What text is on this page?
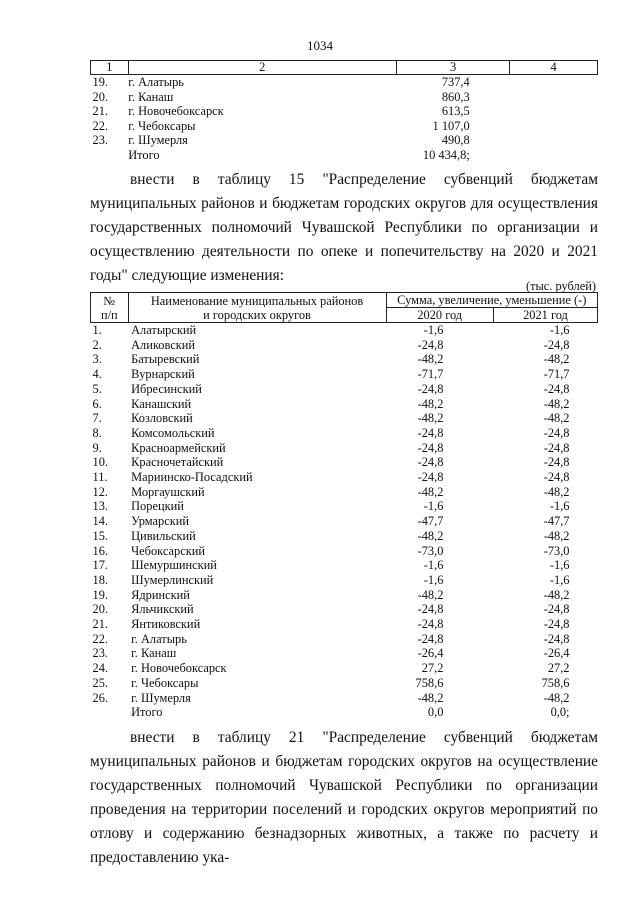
1034
1	2	3	4
19.	г. Алатырь	737,4	
20.	г. Канаш	860,3	
21.	г. Новочебоксарск	613,5	
22.	г. Чебоксары	1 107,0	
23.	г. Шумерля	490,8	
	Итого	10 434,8;	
внести в таблицу 15 "Распределение субвенций бюджетам муниципальных районов и бюджетам городских округов для осуществления государственных полномочий Чувашской Республики по организации и осуществлению деятельности по опеке и попечительству на 2020 и 2021 годы" следующие изменения:
(тыс. рублей)
№
п/п	Наименование муниципальных районов
и городских округов	Сумма, увеличение, уменьшение (-)	
		2020 год	2021 год
1.	Алатырский	-1,6	-1,6
2.	Аликовский	-24,8	-24,8
3.	Батыревский	-48,2	-48,2
4.	Вурнарский	-71,7	-71,7
5.	Ибресинский	-24,8	-24,8
6.	Канашский	-48,2	-48,2
7.	Козловский	-48,2	-48,2
8.	Комсомольский	-24,8	-24,8
9.	Красноармейский	-24,8	-24,8
10.	Красночетайский	-24,8	-24,8
11.	Мариинско-Посадский	-24,8	-24,8
12.	Моргаушский	-48,2	-48,2
13.	Порецкий	-1,6	-1,6
14.	Урмарский	-47,7	-47,7
15.	Цивильский	-48,2	-48,2
16.	Чебоксарский	-73,0	-73,0
17.	Шемуршинский	-1,6	-1,6
18.	Шумерлинский	-1,6	-1,6
19.	Ядринский	-48,2	-48,2
20.	Яльчикский	-24,8	-24,8
21.	Янтиковский	-24,8	-24,8
22.	г. Алатырь	-24,8	-24,8
23.	г. Канаш	-26,4	-26,4
24.	г. Новочебоксарск	27,2	27,2
25.	г. Чебоксары	758,6	758,6
26.	г. Шумерля	-48,2	-48,2
	Итого	0,0	0,0;
внести в таблицу 21 "Распределение субвенций бюджетам муниципальных районов и бюджетам городских округов на осуществление государственных полномочий Чувашской Республики по организации проведения на территории поселений и городских округов мероприятий по отлову и содержанию безнадзорных животных, а также по расчету и предоставлению ука-
